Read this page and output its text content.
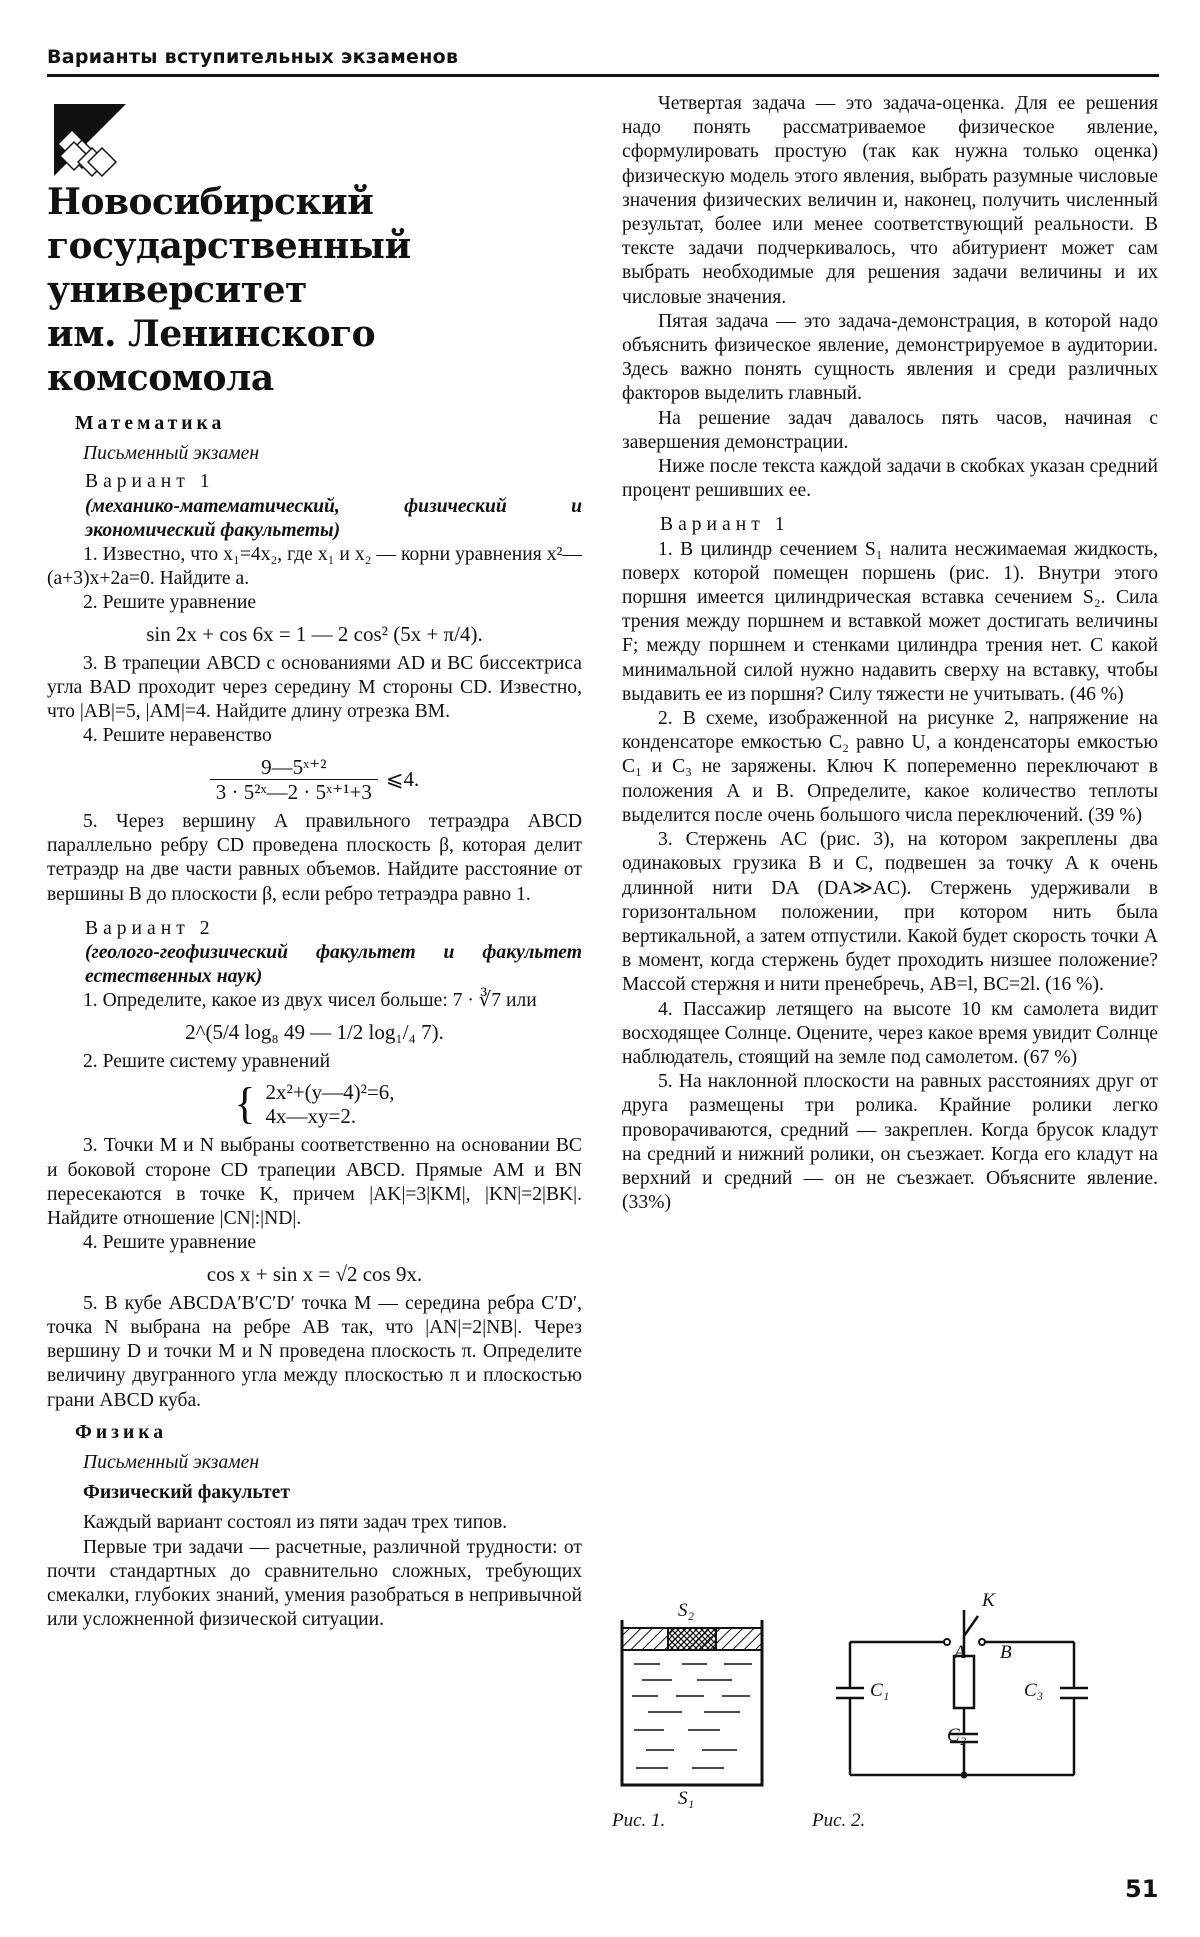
Варианты вступительных экзаменов
Новосибирский
государственный
университет
им. Ленинского комсомола
Математика
Письменный экзамен
Вариант 1
(механико-математический, физический и экономический факультеты)

1. Известно, что x₁=4x₂, где x₁ и x₂ — корни уравнения x²—(a+3)x+2a=0. Найдите a.

2. Решите уравнение

sin 2x + cos 6x = 1 — 2 cos² (5x + π/4).

3. В трапеции ABCD с основаниями AD и BC биссектриса угла BAD проходит через середину M стороны CD. Известно, что |AB|=5, |AM|=4. Найдите длину отрезка BM.

4. Решите неравенство

$\frac{\text{9—5ˣ⁺²}}{\text{3 · 5²ˣ—2 · 5ˣ⁺¹+3}}$ ⩽4.

5. Через вершину A правильного тетраэдра ABCD параллельно ребру CD проведена плоскость β, которая делит тетраэдр на две части равных объемов. Найдите расстояние от вершины B до плоскости β, если ребро тетраэдра равно 1.

Вариант 2
(геолого-геофизический факультет и факультет естественных наук)

1. Определите, какое из двух чисел больше: 7 · ∛7 или

2^(5/4 log₈ 49 — 1/2 log₁/₄ 7).

2. Решите систему уравнений

{ 2x²+(y—4)²=6,
4x—xy=2.

3. Точки M и N выбраны соответственно на основании BC и боковой стороне CD трапеции ABCD. Прямые AM и BN пересекаются в точке K, причем |AK|=3|KM|, |KN|=2|BK|. Найдите отношение |CN|:|ND|.

4. Решите уравнение

cos x + sin x = √2 cos 9x.

5. В кубе ABCDA′B′C′D′ точка M — середина ребра C′D′, точка N выбрана на ребре AB так, что |AN|=2|NB|. Через вершину D и точки M и N проведена плоскость π. Определите величину двугранного угла между плоскостью π и плоскостью грани ABCD куба.

Физика
Письменный экзамен
Физический факультет

Каждый вариант состоял из пяти задач трех типов.

Первые три задачи — расчетные, различной трудности: от почти стандартных до сравнительно сложных, требующих смекалки, глубоких знаний, умения разобраться в непривычной или усложненной физической ситуации.

Четвертая задача — это задача-оценка. Для ее решения надо понять рассматриваемое физическое явление, сформулировать простую (так как нужна только оценка) физическую модель этого явления, выбрать разумные числовые значения физических величин и, наконец, получить численный результат, более или менее соответствующий реальности. В тексте задачи подчеркивалось, что абитуриент может сам выбрать необходимые для решения задачи величины и их числовые значения.

Пятая задача — это задача-демонстрация, в которой надо объяснить физическое явление, демонстрируемое в аудитории. Здесь важно понять сущность явления и среди различных факторов выделить главный.

На решение задач давалось пять часов, начиная с завершения демонстрации.

Ниже после текста каждой задачи в скобках указан средний процент решивших ее.

Вариант 1

1. В цилиндр сечением S₁ налита несжимаемая жидкость, поверх которой помещен поршень (рис. 1). Внутри этого поршня имеется цилиндрическая вставка сечением S₂. Сила трения между поршнем и вставкой может достигать величины F; между поршнем и стенками цилиндра трения нет. С какой минимальной силой нужно надавить сверху на вставку, чтобы выдавить ее из поршня? Силу тяжести не учитывать. (46 %)

2. В схеме, изображенной на рисунке 2, напряжение на конденсаторе емкостью C₂ равно U, а конденсаторы емкостью C₁ и C₃ не заряжены. Ключ K попеременно переключают в положения A и B. Определите, какое количество теплоты выделится после очень большого числа переключений. (39 %)

3. Стержень AC (рис. 3), на котором закреплены два одинаковых грузика B и C, подвешен за точку A к очень длинной нити DA (DA≫AC). Стержень удерживали в горизонтальном положении, при котором нить была вертикальной, а затем отпустили. Какой будет скорость точки A в момент, когда стержень будет проходить низшее положение? Массой стержня и нити пренебречь, AB=l, BC=2l. (16 %).

4. Пассажир летящего на высоте 10 км самолета видит восходящее Солнце. Оцените, через какое время увидит Солнце наблюдатель, стоящий на земле под самолетом. (67 %)

5. На наклонной плоскости на равных расстояниях друг от друга размещены три ролика. Крайние ролики легко проворачиваются, средний — закреплен. Когда брусок кладут на средний и нижний ролики, он съезжает. Когда его кладут на верхний и средний — он не съезжает. Объясните явление. (33%)

S₂
S₁
Рис. 1.
K
A B
C₁
C₂
C₃
Рис. 2.
51
